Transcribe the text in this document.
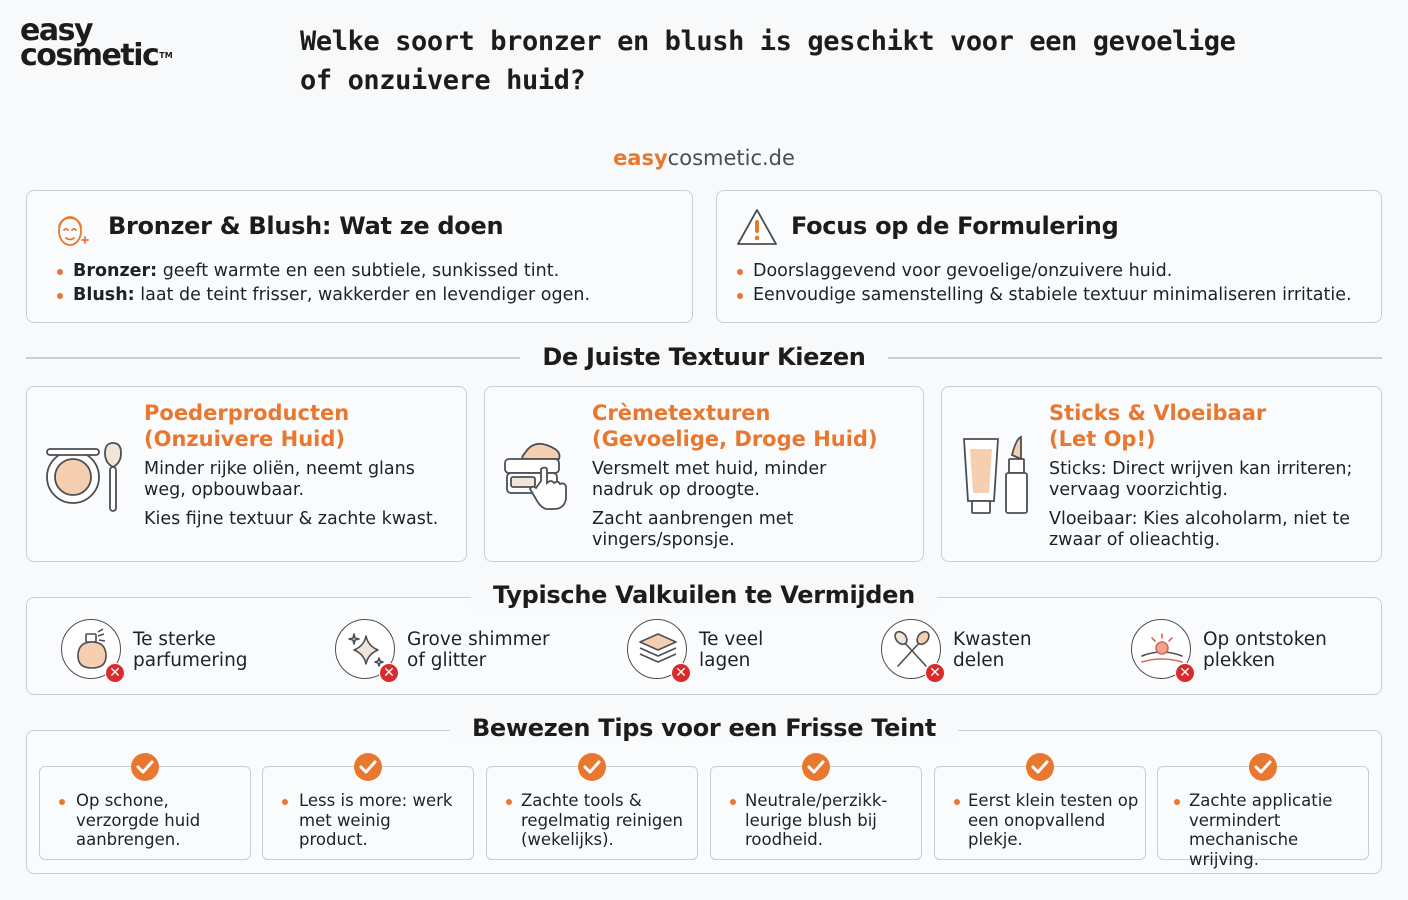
easy
cosmetic™	Welke soort bronzer en blush is geschikt voor een gevoelige of onzuivere huid?
easycosmetic.de
Bronzer & Blush: Wat ze doen
Bronzer: geeft warmte en een subtiele, sunkissed tint.
Blush: laat de teint frisser, wakkerder en levendiger ogen.
Focus op de Formulering
Doorslaggevend voor gevoelige/onzuivere huid.
Eenvoudige samenstelling & stabiele textuur minimaliseren irritatie.
De Juiste Textuur Kiezen
Poederproducten
(Onzuivere Huid)
Minder rijke oliën, neemt glans
weg, opbouwbaar.
Kies fijne textuur & zachte kwast.
Crèmetexturen
(Gevoelige, Droge Huid)
Versmelt met huid, minder
nadruk op droogte.
Zacht aanbrengen met
vingers/sponsje.
Sticks & Vloeibaar
(Let Op!)
Sticks: Direct wrijven kan irriteren;
vervaag voorzichtig.
Vloeibaar: Kies alcoholarm, niet te
zwaar of olieachtig.
Typische Valkuilen te Vermijden
✕
Te sterke
parfumering
✕
Grove shimmer
of glitter
✕
Te veel
lagen
✕
Kwasten
delen
✕
Op ontstoken
plekken
Bewezen Tips voor een Frisse Teint
Op schone,
verzorgde huid
aanbrengen.
Less is more: werk
met weinig
product.
Zachte tools &
regelmatig reinigen
(wekelijks).
Neutrale/perzikk-
leurige blush bij
roodheid.
Eerst klein testen op
een onopvallend
plekje.
Zachte applicatie
vermindert
mechanische wrijving.
